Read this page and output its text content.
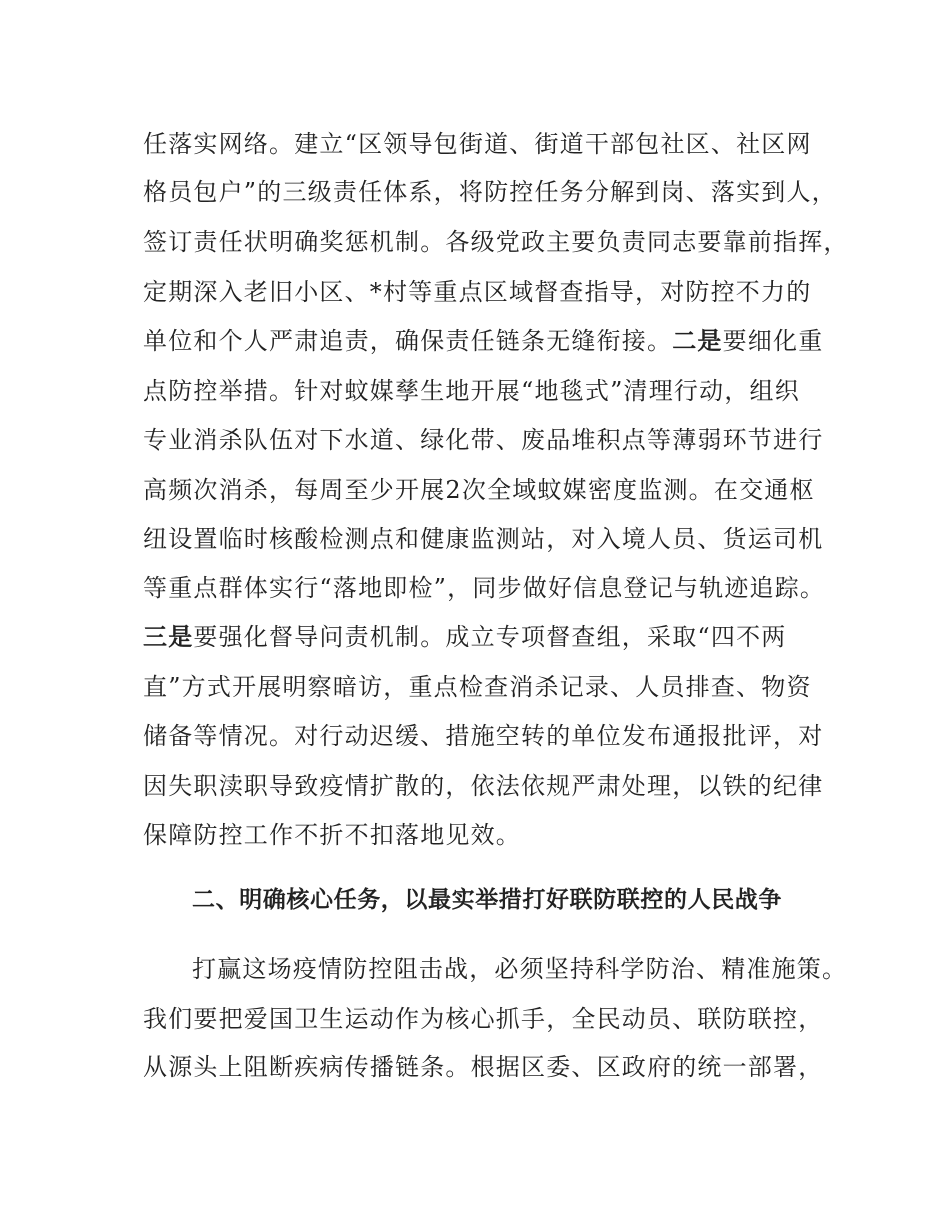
任落实网络。建立“区领导包街道、街道干部包社区、社区网
格员包户”的三级责任体系，将防控任务分解到岗、落实到人，
签订责任状明确奖惩机制。各级党政主要负责同志要靠前指挥，
定期深入老旧小区、*村等重点区域督查指导，对防控不力的
单位和个人严肃追责，确保责任链条无缝衔接。二是要细化重
点防控举措。针对蚊媒孳生地开展“地毯式”清理行动，组织
专业消杀队伍对下水道、绿化带、废品堆积点等薄弱环节进行
高频次消杀，每周至少开展2次全域蚊媒密度监测。在交通枢
纽设置临时核酸检测点和健康监测站，对入境人员、货运司机
等重点群体实行“落地即检”，同步做好信息登记与轨迹追踪。
三是要强化督导问责机制。成立专项督查组，采取“四不两
直”方式开展明察暗访，重点检查消杀记录、人员排查、物资
储备等情况。对行动迟缓、措施空转的单位发布通报批评，对
因失职渎职导致疫情扩散的，依法依规严肃处理，以铁的纪律
保障防控工作不折不扣落地见效。
二、明确核心任务，以最实举措打好联防联控的人民战争
打赢这场疫情防控阻击战，必须坚持科学防治、精准施策。
我们要把爱国卫生运动作为核心抓手，全民动员、联防联控，
从源头上阻断疾病传播链条。根据区委、区政府的统一部署，
